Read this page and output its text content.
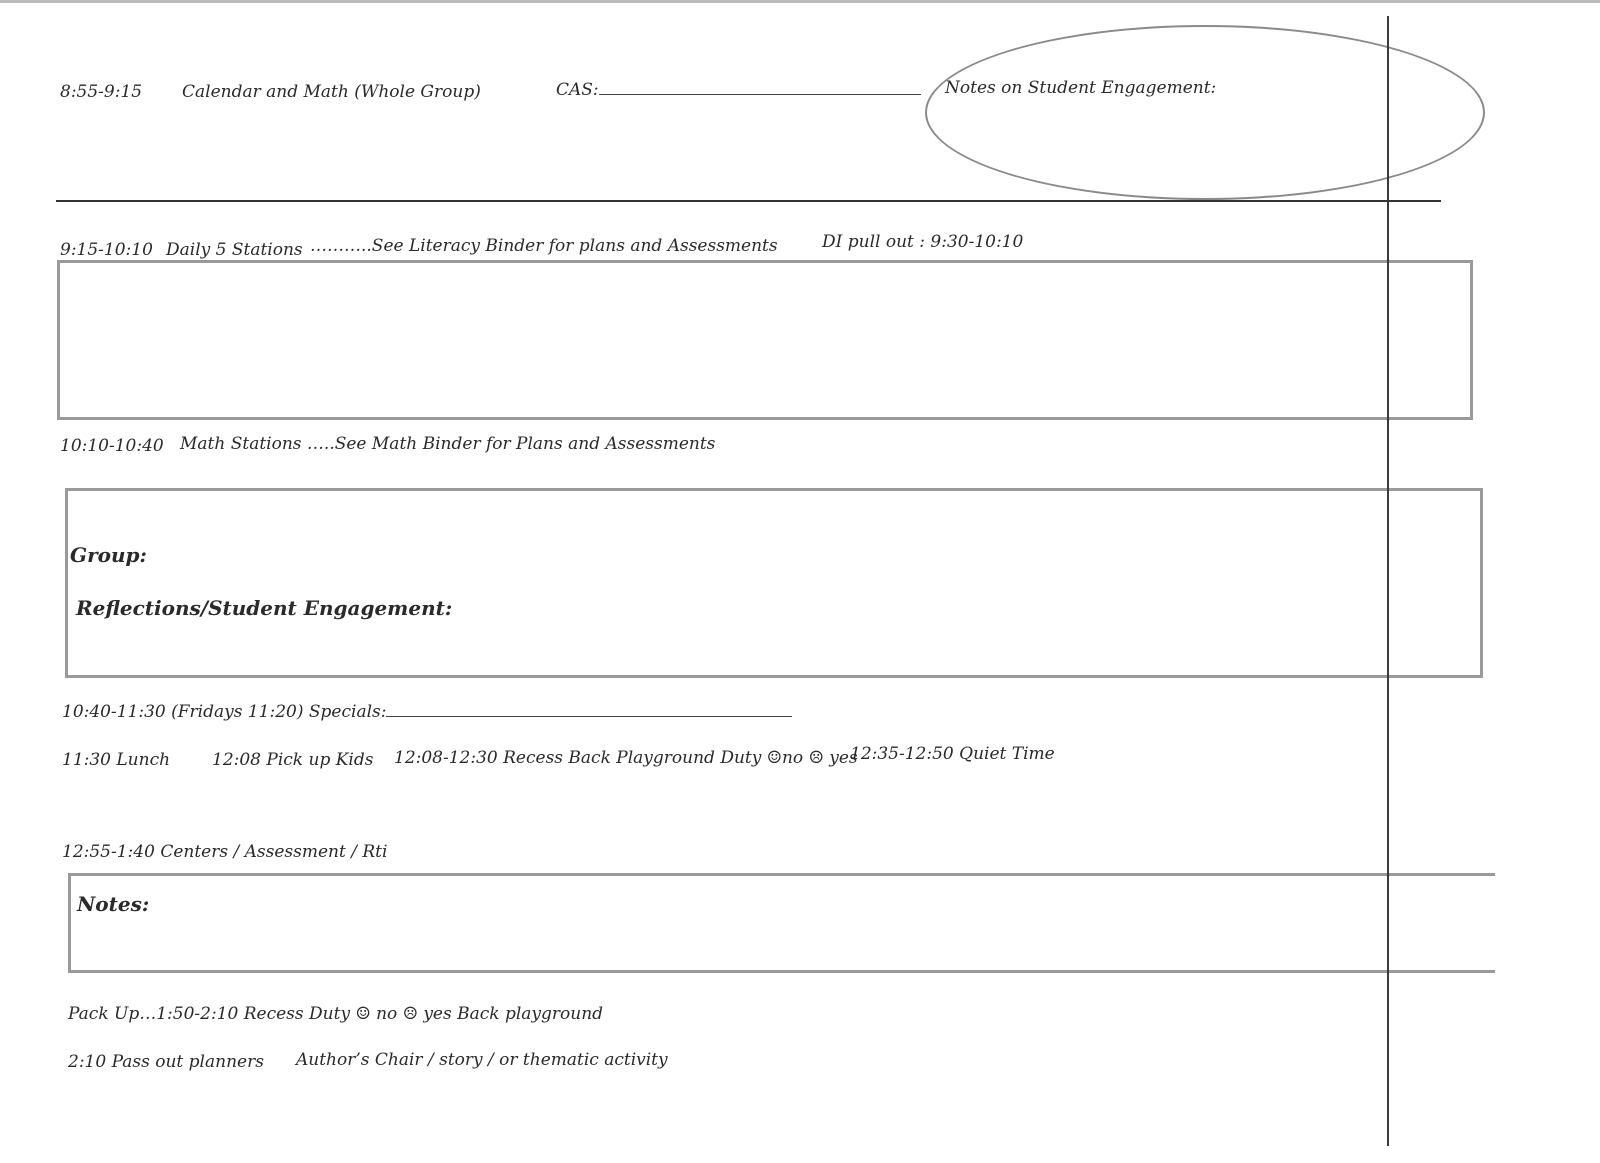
8:55-9:15 Calendar and Math (Whole Group)	CAS:	Notes on Student Engagement:
9:15-10:10 Daily 5 Stations ………..See Literacy Binder for plans and Assessments	DI pull out : 9:30-10:10
10:10-10:40 Math Stations …..See Math Binder for Plans and Assessments
Group:
Reflections/Student Engagement:
10:40-11:30 (Fridays 11:20) Specials:
11:30 Lunch 12:08 Pick up Kids 12:08-12:30 Recess Back Playground Duty ☺no ☹ yes
12:35-12:50 Quiet Time
12:55-1:40 Centers / Assessment / Rti
Notes:
Pack Up…1:50-2:10 Recess Duty ☺ no ☹ yes Back playground
2:10 Pass out planners Author’s Chair / story / or thematic activity
